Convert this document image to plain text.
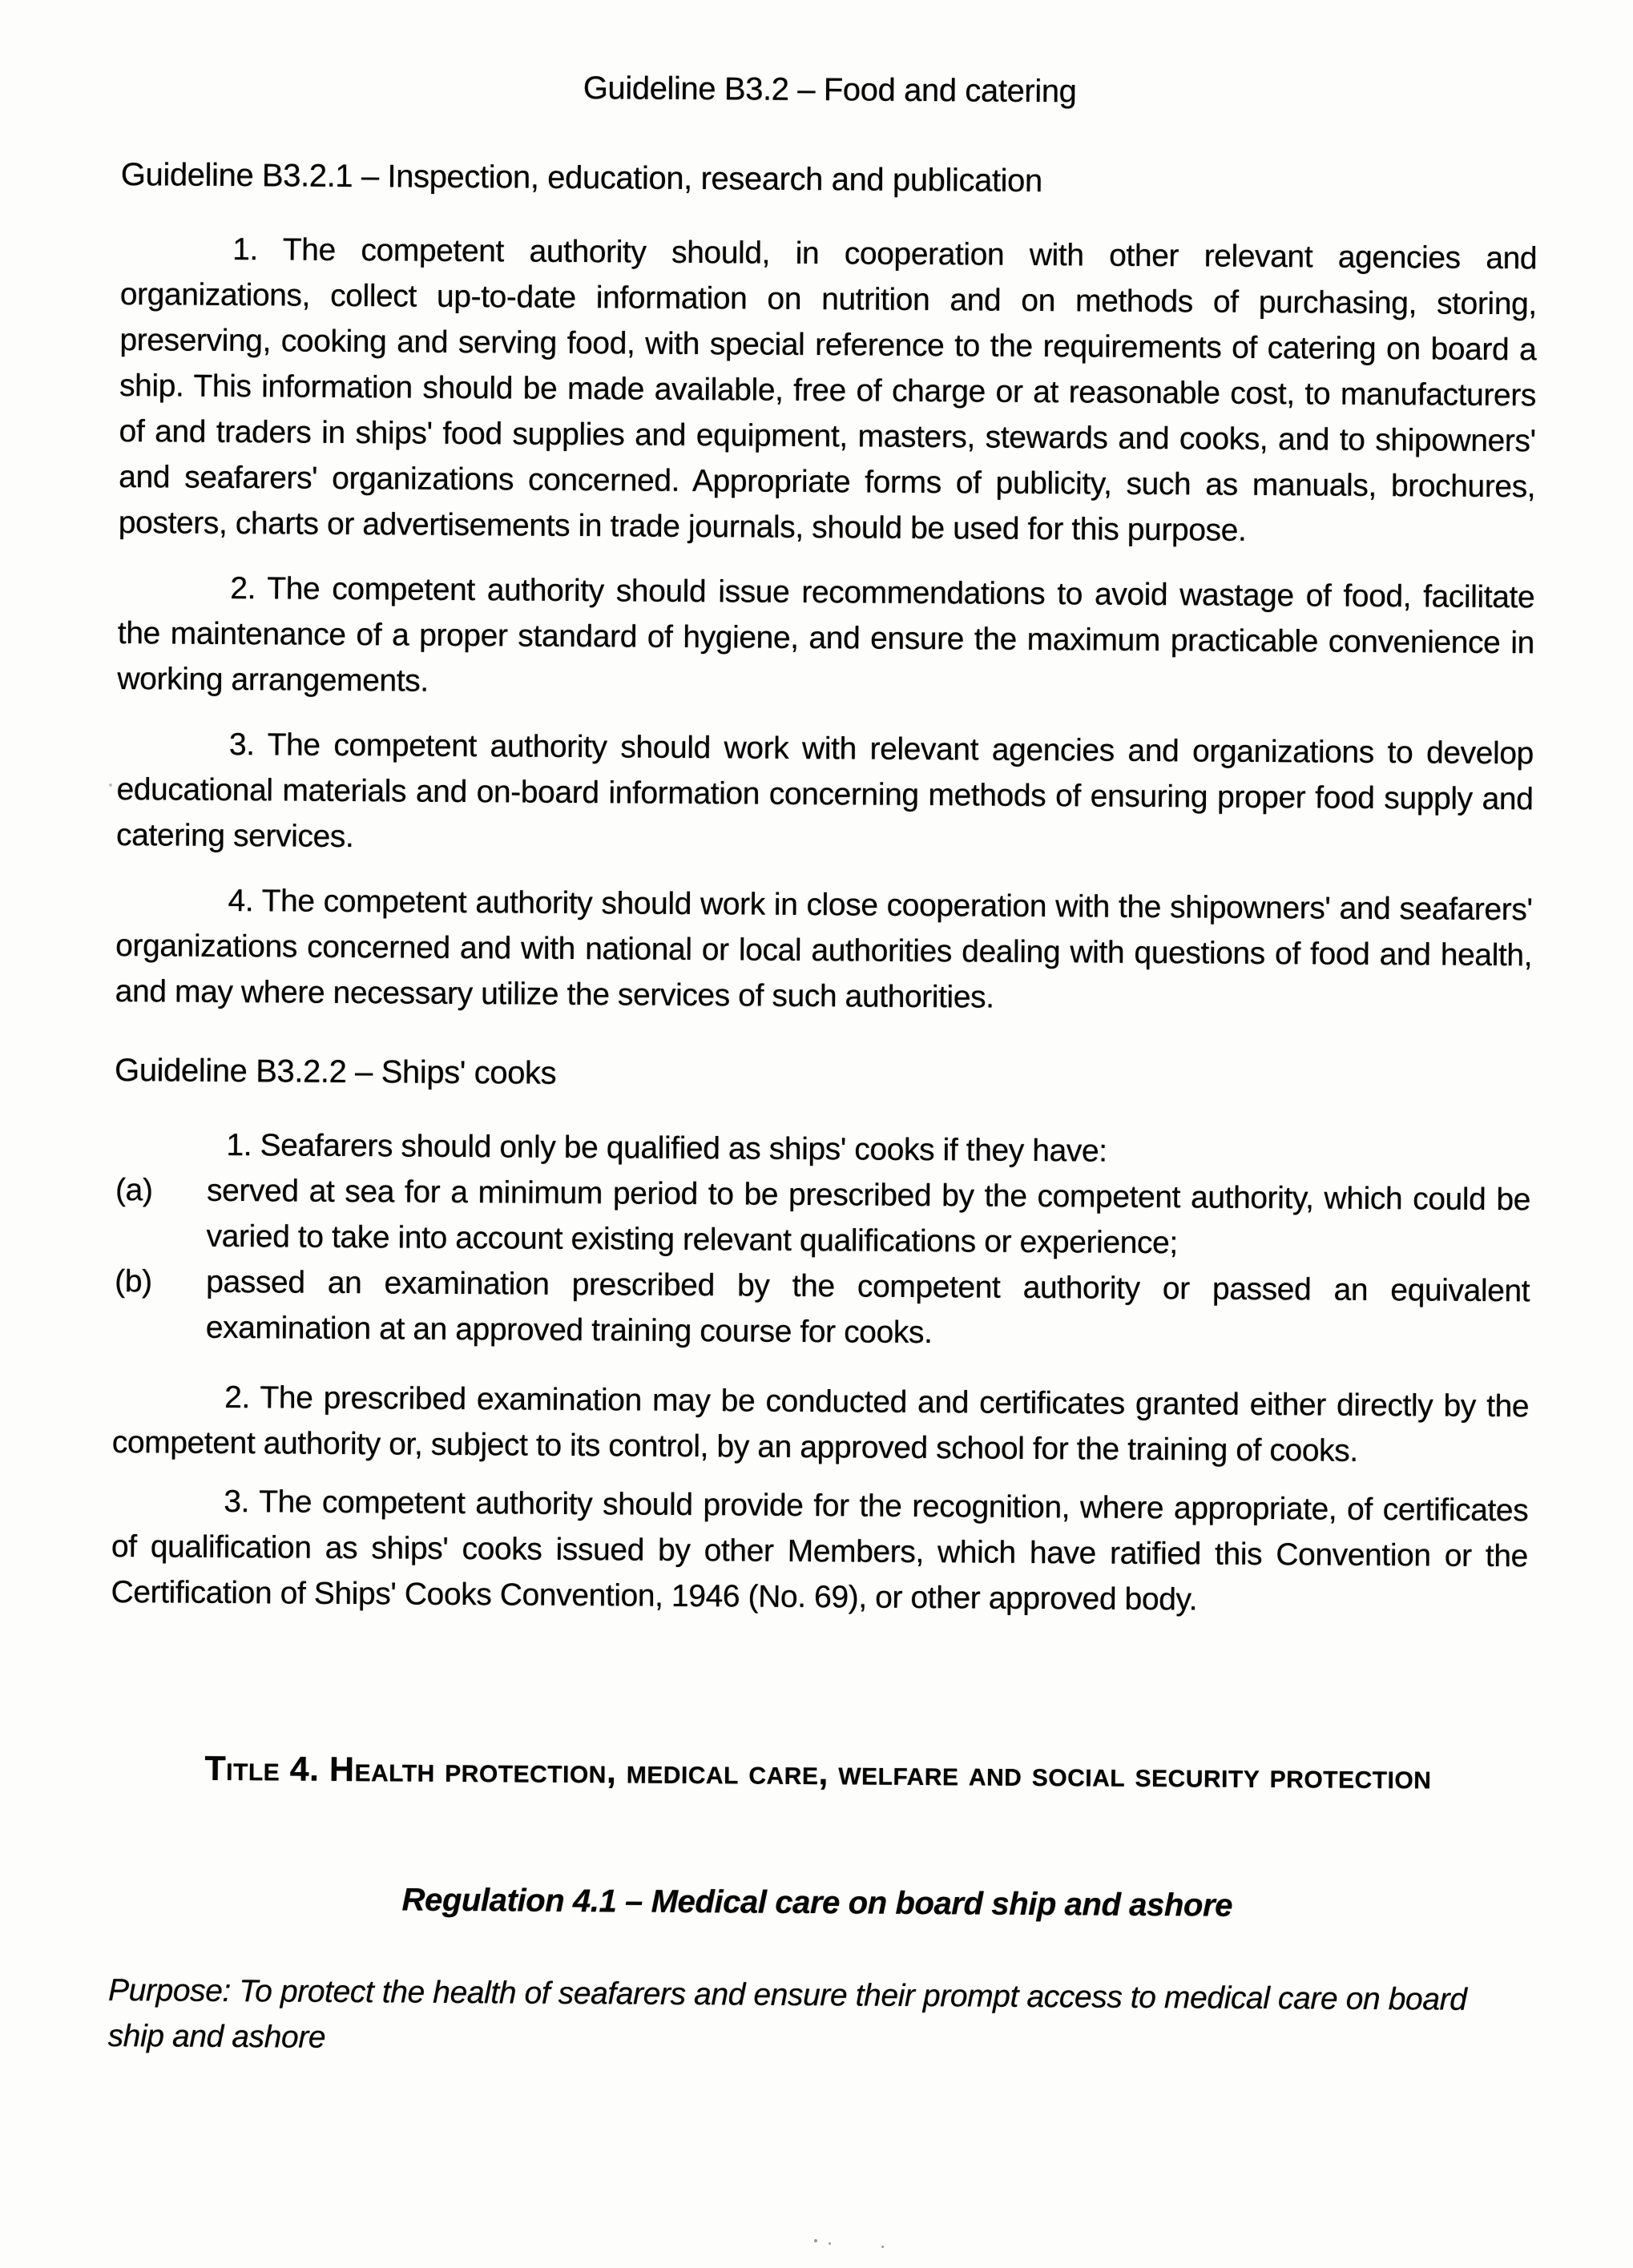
Guideline B3.2 – Food and catering
Guideline B3.2.1 – Inspection, education, research and publication

1. The competent authority should, in cooperation with other relevant agencies and organizations, collect up-to-date information on nutrition and on methods of purchasing, storing, preserving, cooking and serving food, with special reference to the requirements of catering on board a ship. This information should be made available, free of charge or at reasonable cost, to manufacturers of and traders in ships' food supplies and equipment, masters, stewards and cooks, and to shipowners' and seafarers' organizations concerned. Appropriate forms of publicity, such as manuals, brochures, posters, charts or advertisements in trade journals, should be used for this purpose.

2. The competent authority should issue recommendations to avoid wastage of food, facilitate the maintenance of a proper standard of hygiene, and ensure the maximum practicable convenience in working arrangements.

3. The competent authority should work with relevant agencies and organizations to develop educational materials and on-board information concerning methods of ensuring proper food supply and catering services.

4. The competent authority should work in close cooperation with the shipowners' and seafarers' organizations concerned and with national or local authorities dealing with questions of food and health, and may where necessary utilize the services of such authorities.

Guideline B3.2.2 – Ships' cooks

1. Seafarers should only be qualified as ships' cooks if they have:

(a)	served at sea for a minimum period to be prescribed by the competent authority, which could be varied to take into account existing relevant qualifications or experience;
(b)	passed an examination prescribed by the competent authority or passed an equivalent examination at an approved training course for cooks.

2. The prescribed examination may be conducted and certificates granted either directly by the competent authority or, subject to its control, by an approved school for the training of cooks.

3. The competent authority should provide for the recognition, where appropriate, of certificates of qualification as ships' cooks issued by other Members, which have ratified this Convention or the Certification of Ships' Cooks Convention, 1946 (No. 69), or other approved body.

Title 4. Health protection, medical care, welfare and social security protection
Regulation 4.1 – Medical care on board ship and ashore

Purpose: To protect the health of seafarers and ensure their prompt access to medical care on board ship and ashore
